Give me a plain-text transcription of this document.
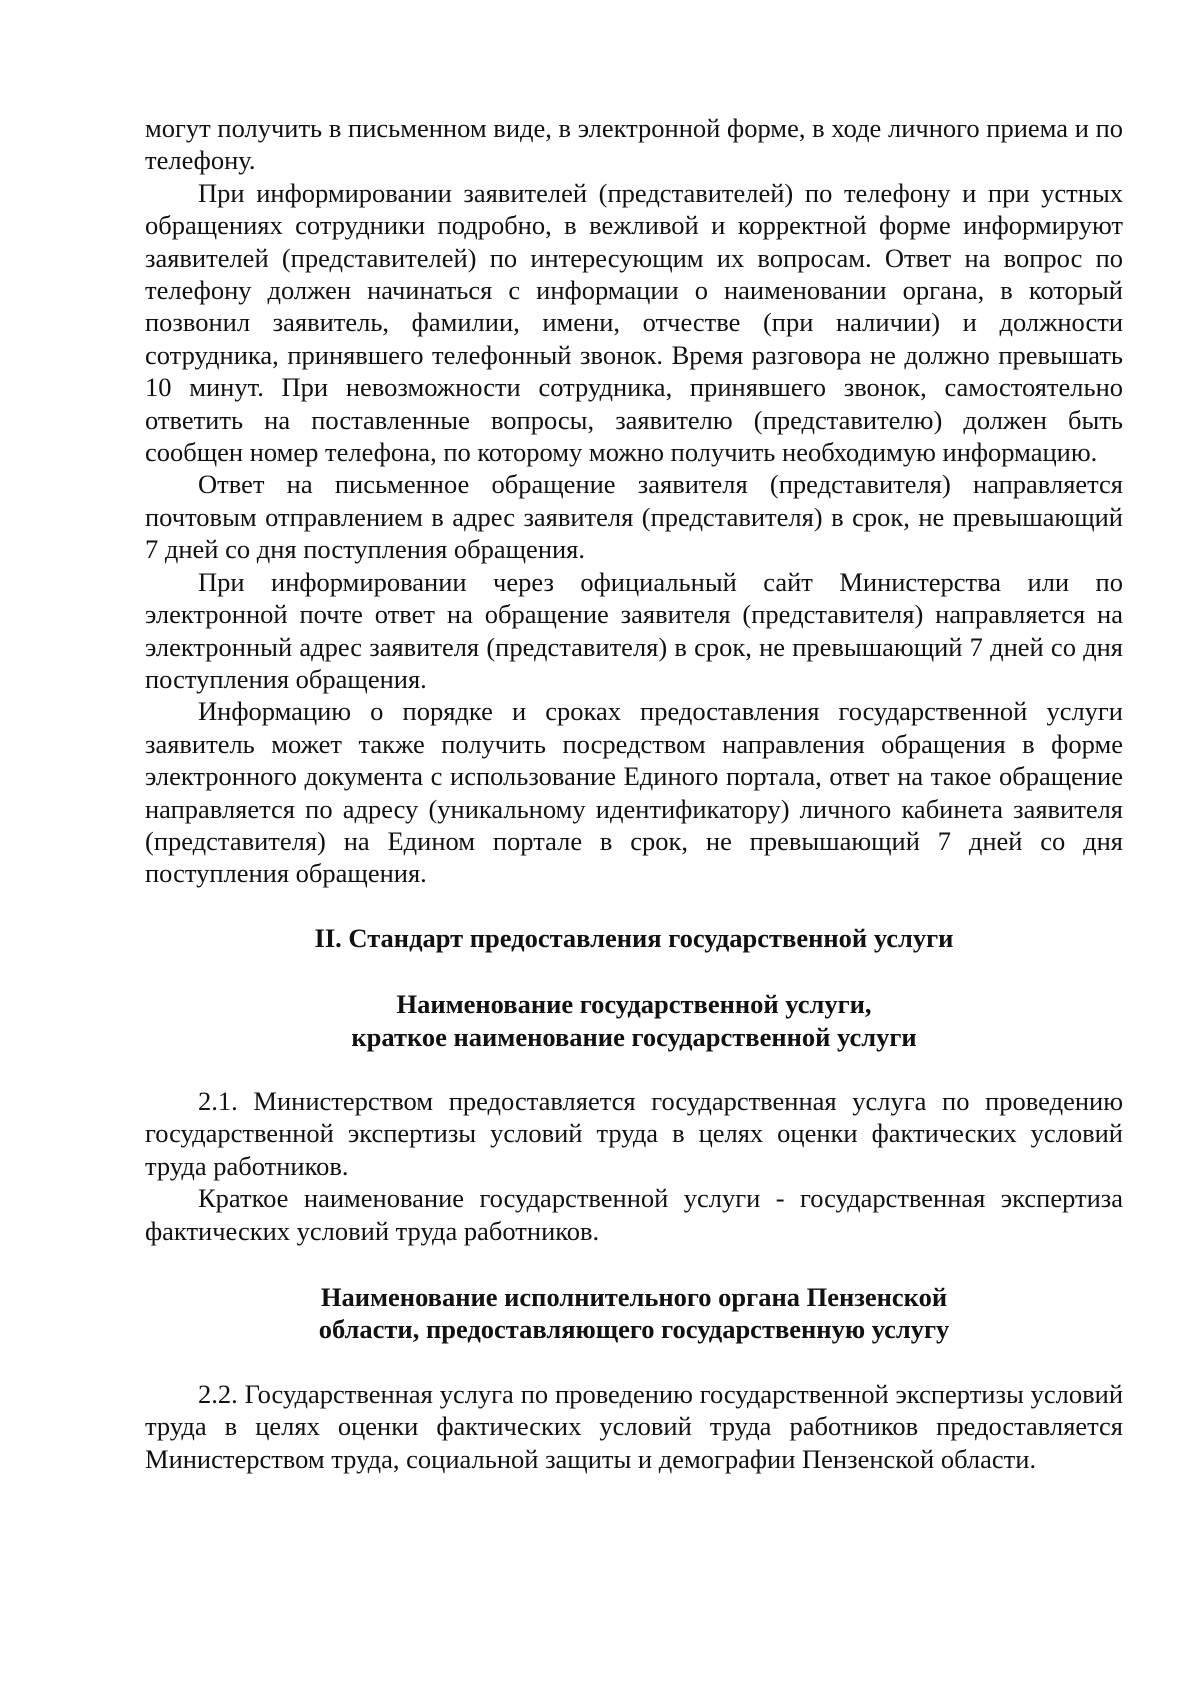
могут получить в письменном виде, в электронной форме, в ходе личного приема и по телефону.

При информировании заявителей (представителей) по телефону и при устных обращениях сотрудники подробно, в вежливой и корректной форме информируют заявителей (представителей) по интересующим их вопросам. Ответ на вопрос по телефону должен начинаться с информации о наименовании органа, в который позвонил заявитель, фамилии, имени, отчестве (при наличии) и должности сотрудника, принявшего телефонный звонок. Время разговора не должно превышать 10 минут. При невозможности сотрудника, принявшего звонок, самостоятельно ответить на поставленные вопросы, заявителю (представителю) должен быть сообщен номер телефона, по которому можно получить необходимую информацию.

Ответ на письменное обращение заявителя (представителя) направляется почтовым отправлением в адрес заявителя (представителя) в срок, не превышающий 7 дней со дня поступления обращения.

При информировании через официальный сайт Министерства или по электронной почте ответ на обращение заявителя (представителя) направляется на электронный адрес заявителя (представителя) в срок, не превышающий 7 дней со дня поступления обращения.

Информацию о порядке и сроках предоставления государственной услуги заявитель может также получить посредством направления обращения в форме электронного документа с использование Единого портала, ответ на такое обращение направляется по адресу (уникальному идентификатору) личного кабинета заявителя (представителя) на Едином портале в срок, не превышающий 7 дней со дня поступления обращения.

II. Стандарт предоставления государственной услуги

Наименование государственной услуги,
краткое наименование государственной услуги

2.1. Министерством предоставляется государственная услуга по проведению государственной экспертизы условий труда в целях оценки фактических условий труда работников.

Краткое наименование государственной услуги - государственная экспертиза фактических условий труда работников.

Наименование исполнительного органа Пензенской
области, предоставляющего государственную услугу

2.2. Государственная услуга по проведению государственной экспертизы условий труда в целях оценки фактических условий труда работников предоставляется Министерством труда, социальной защиты и демографии Пензенской области.
